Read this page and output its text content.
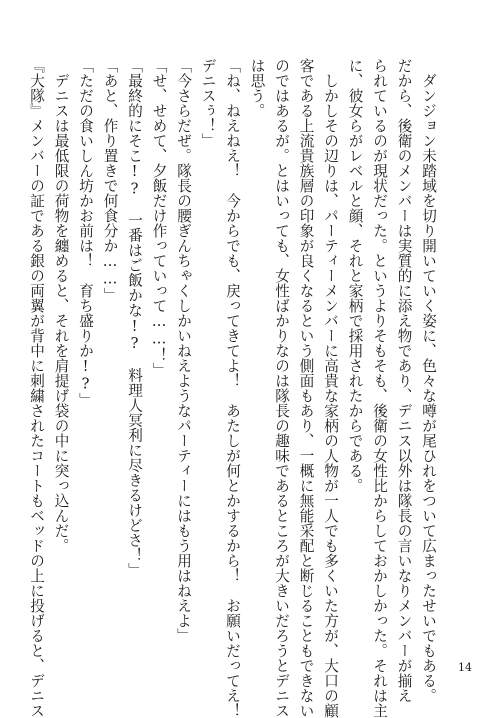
ダンジョン未踏域を切り開いていく姿に、色々な噂が尾ひれをついて広まったせいでもある。
だから、後衛のメンバーは実質的に添え物であり、デニス以外は隊長の言いなりメンバーが揃え
られているのが現状だった。というよりそもそも、後衛の女性比からしておかしかった。それは主
に、彼女らがレベルと顔、それと家柄で採用されたからである。
しかしその辺りは、パーティーメンバーに高貴な家柄の人物が一人でも多くいた方が、大口の顧
客である上流貴族層の印象が良くなるという側面もあり、一概に無能采配と断じることもできない
のではあるが。とはいっても、女性ばかりなのは隊長の趣味であるところが大きいだろうとデニス
は思う。
「ね、ねえねえ！　今からでも、戻ってきてよ！　あたしが何とかするから！　お願いだってえ！
デニスぅ！」
「今さらだぜ。隊長の腰ぎんちゃくしかいねえようなパーティーにはもう用はねえよ」
「せ、せめて、夕飯だけ作っていって……！」
「最終的にそこ!?　一番はご飯かな!?　料理人冥利に尽きるけどさ！」
「あと、作り置きで何食分か……」
「ただの食いしん坊かお前は！　育ち盛りか!?」
デニスは最低限の荷物を纏めると、それを肩提げ袋の中に突っ込んだ。
『大隊』メンバーの証である銀の両翼が背中に刺繍されたコートもベッドの上に投げると、デニス	14
